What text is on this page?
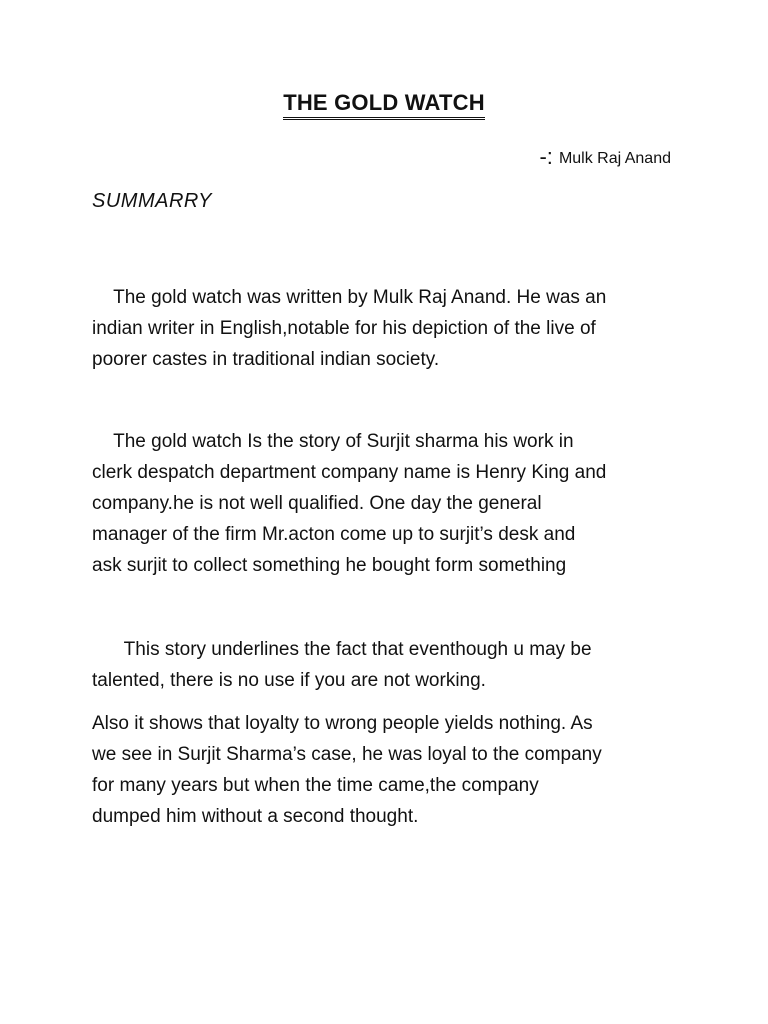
THE GOLD WATCH
-: Mulk Raj Anand
SUMMARRY

The gold watch was written by Mulk Raj Anand. He was an
indian writer in English,notable for his depiction of the live of
poorer castes in traditional indian society.

The gold watch Is the story of Surjit sharma his work in
clerk despatch department company name is Henry King and
company.he is not well qualified. One day the general
manager of the firm Mr.acton come up to surjit’s desk and
ask surjit to collect something he bought form something

This story underlines the fact that eventhough u may be
talented, there is no use if you are not working.

Also it shows that loyalty to wrong people yields nothing. As
we see in Surjit Sharma’s case, he was loyal to the company
for many years but when the time came,the company
dumped him without a second thought.
